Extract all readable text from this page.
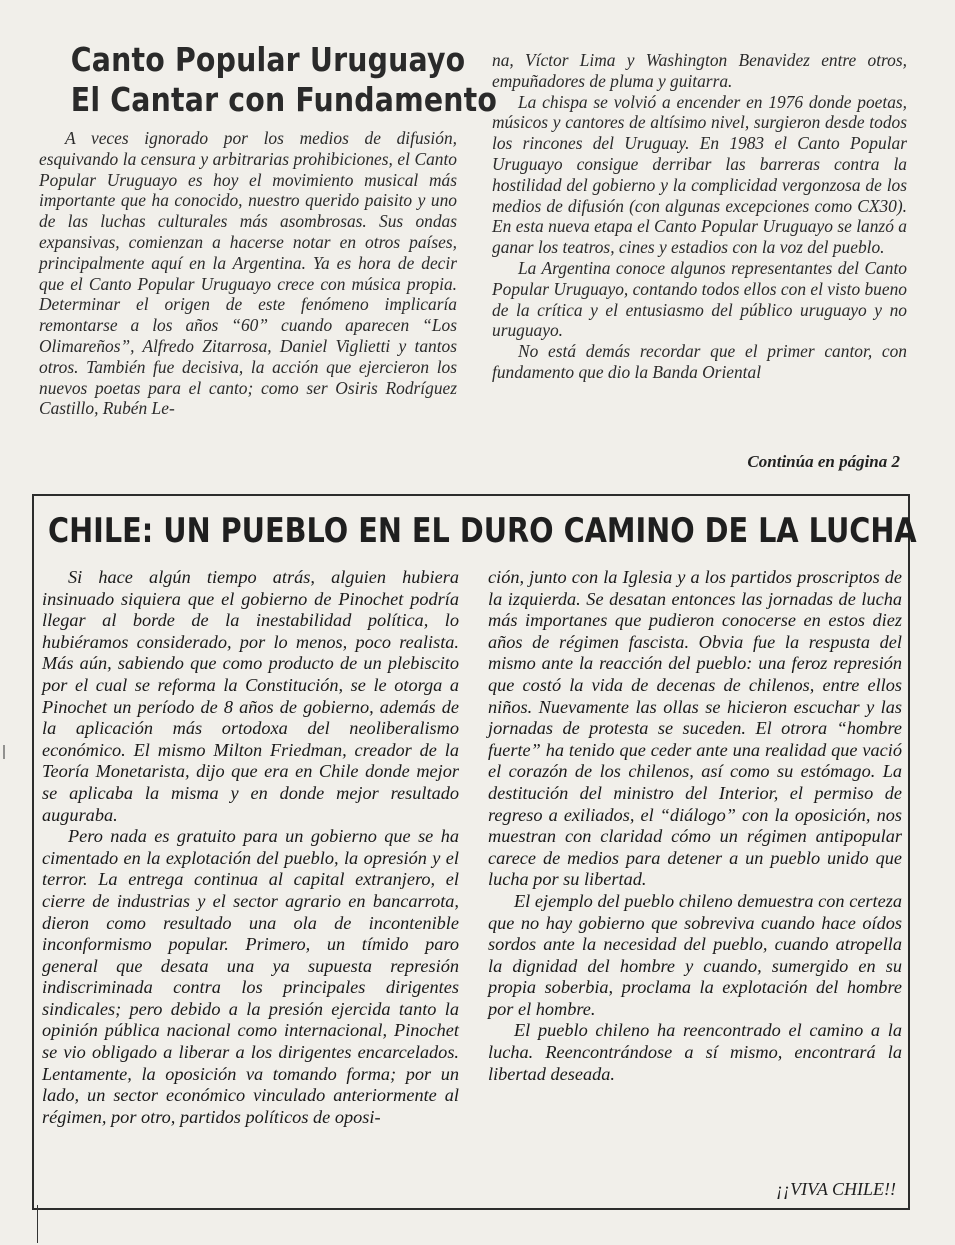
Canto Popular Uruguayo
El Cantar con Fundamento

A veces ignorado por los medios de difusión, esquivando la censura y arbitrarias prohibiciones, el Canto Popular Uruguayo es hoy el movimiento musical más importante que ha conocido, nuestro querido paisito y uno de las luchas culturales más asombrosas. Sus ondas expansivas, comienzan a hacerse notar en otros países, principalmente aquí en la Argentina. Ya es hora de decir que el Canto Popular Uruguayo crece con música propia. Determinar el origen de este fenómeno implicaría remontarse a los años “60” cuando aparecen “Los Olimareños”, Alfredo Zitarrosa, Daniel Viglietti y tantos otros. También fue decisiva, la acción que ejercieron los nuevos poetas para el canto; como ser Osiris Rodríguez Castillo, Rubén Le-

na, Víctor Lima y Washington Benavidez entre otros, empuñadores de pluma y guitarra.

La chispa se volvió a encender en 1976 donde poetas, músicos y cantores de altísimo nivel, surgieron desde todos los rincones del Uruguay. En 1983 el Canto Popular Uruguayo consigue derribar las barreras contra la hostilidad del gobierno y la complicidad vergonzosa de los medios de difusión (con algunas excepciones como CX30). En esta nueva etapa el Canto Popular Uruguayo se lanzó a ganar los teatros, cines y estadios con la voz del pueblo.

La Argentina conoce algunos representantes del Canto Popular Uruguayo, contando todos ellos con el visto bueno de la crítica y el entusiasmo del público uruguayo y no uruguayo.

No está demás recordar que el primer cantor, con fundamento que dio la Banda Oriental

Continúa en página 2
CHILE: UN PUEBLO EN EL DURO CAMINO DE LA LUCHA

Si hace algún tiempo atrás, alguien hubiera insinuado siquiera que el gobierno de Pinochet podría llegar al borde de la inestabilidad política, lo hubiéramos considerado, por lo menos, poco realista. Más aún, sabiendo que como producto de un plebiscito por el cual se reforma la Constitución, se le otorga a Pinochet un período de 8 años de gobierno, además de la aplicación más ortodoxa del neoliberalismo económico. El mismo Milton Friedman, creador de la Teoría Monetarista, dijo que era en Chile donde mejor se aplicaba la misma y en donde mejor resultado auguraba.

Pero nada es gratuito para un gobierno que se ha cimentado en la explotación del pueblo, la opresión y el terror. La entrega continua al capital extranjero, el cierre de industrias y el sector agrario en bancarrota, dieron como resultado una ola de incontenible inconformismo popular. Primero, un tímido paro general que desata una ya supuesta represión indiscriminada contra los principales dirigentes sindicales; pero debido a la presión ejercida tanto la opinión pública nacional como internacional, Pinochet se vio obligado a liberar a los dirigentes encarcelados. Lentamente, la oposición va tomando forma; por un lado, un sector económico vinculado anteriormente al régimen, por otro, partidos políticos de oposi-

ción, junto con la Iglesia y a los partidos proscriptos de la izquierda. Se desatan entonces las jornadas de lucha más importanes que pudieron conocerse en estos diez años de régimen fascista. Obvia fue la respusta del mismo ante la reacción del pueblo: una feroz represión que costó la vida de decenas de chilenos, entre ellos niños. Nuevamente las ollas se hicieron escuchar y las jornadas de protesta se suceden. El otrora “hombre fuerte” ha tenido que ceder ante una realidad que vació el corazón de los chilenos, así como su estómago. La destitución del ministro del Interior, el permiso de regreso a exiliados, el “diálogo” con la oposición, nos muestran con claridad cómo un régimen antipopular carece de medios para detener a un pueblo unido que lucha por su libertad.

El ejemplo del pueblo chileno demuestra con certeza que no hay gobierno que sobreviva cuando hace oídos sordos ante la necesidad del pueblo, cuando atropella la dignidad del hombre y cuando, sumergido en su propia soberbia, proclama la explotación del hombre por el hombre.

El pueblo chileno ha reencontrado el camino a la lucha. Reencontrándose a sí mismo, encontrará la libertad deseada.

¡¡VIVA CHILE!!
